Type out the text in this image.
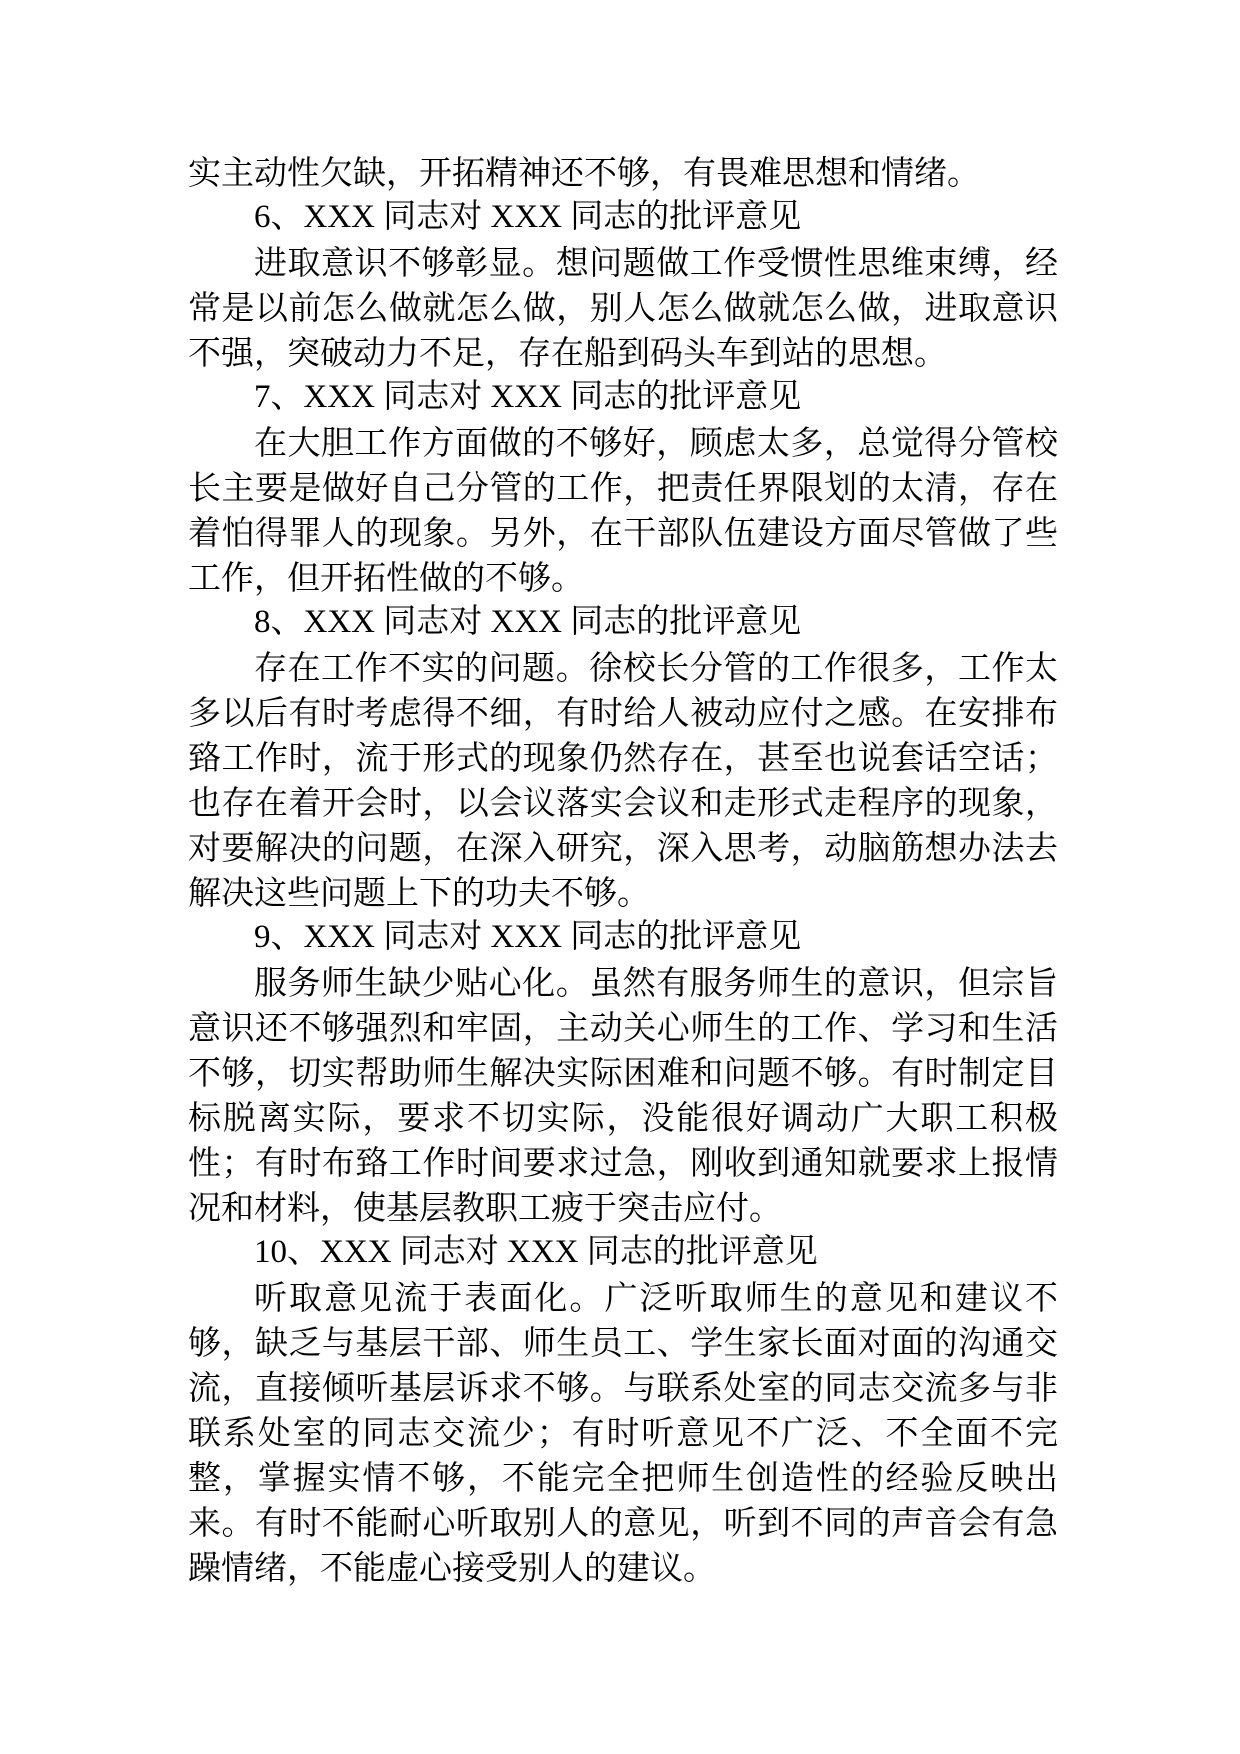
实主动性欠缺，开拓精神还不够，有畏难思想和情绪。

6、XXX 同志对 XXX 同志的批评意见

进取意识不够彰显。想问题做工作受惯性思维束缚，经常是以前怎么做就怎么做，别人怎么做就怎么做，进取意识不强，突破动力不足，存在船到码头车到站的思想。

7、XXX 同志对 XXX 同志的批评意见

在大胆工作方面做的不够好，顾虑太多，总觉得分管校长主要是做好自己分管的工作，把责任界限划的太清，存在着怕得罪人的现象。另外，在干部队伍建设方面尽管做了些工作，但开拓性做的不够。

8、XXX 同志对 XXX 同志的批评意见

存在工作不实的问题。徐校长分管的工作很多，工作太多以后有时考虑得不细，有时给人被动应付之感。在安排布臵工作时，流于形式的现象仍然存在，甚至也说套话空话；也存在着开会时，以会议落实会议和走形式走程序的现象，对要解决的问题，在深入研究，深入思考，动脑筋想办法去解决这些问题上下的功夫不够。

9、XXX 同志对 XXX 同志的批评意见

服务师生缺少贴心化。虽然有服务师生的意识，但宗旨意识还不够强烈和牢固，主动关心师生的工作、学习和生活不够，切实帮助师生解决实际困难和问题不够。有时制定目标脱离实际，要求不切实际，没能很好调动广大职工积极性；有时布臵工作时间要求过急，刚收到通知就要求上报情况和材料，使基层教职工疲于突击应付。

10、XXX 同志对 XXX 同志的批评意见

听取意见流于表面化。广泛听取师生的意见和建议不够，缺乏与基层干部、师生员工、学生家长面对面的沟通交流，直接倾听基层诉求不够。与联系处室的同志交流多与非联系处室的同志交流少；有时听意见不广泛、不全面不完整，掌握实情不够，不能完全把师生创造性的经验反映出来。有时不能耐心听取别人的意见，听到不同的声音会有急躁情绪，不能虚心接受别人的建议。
